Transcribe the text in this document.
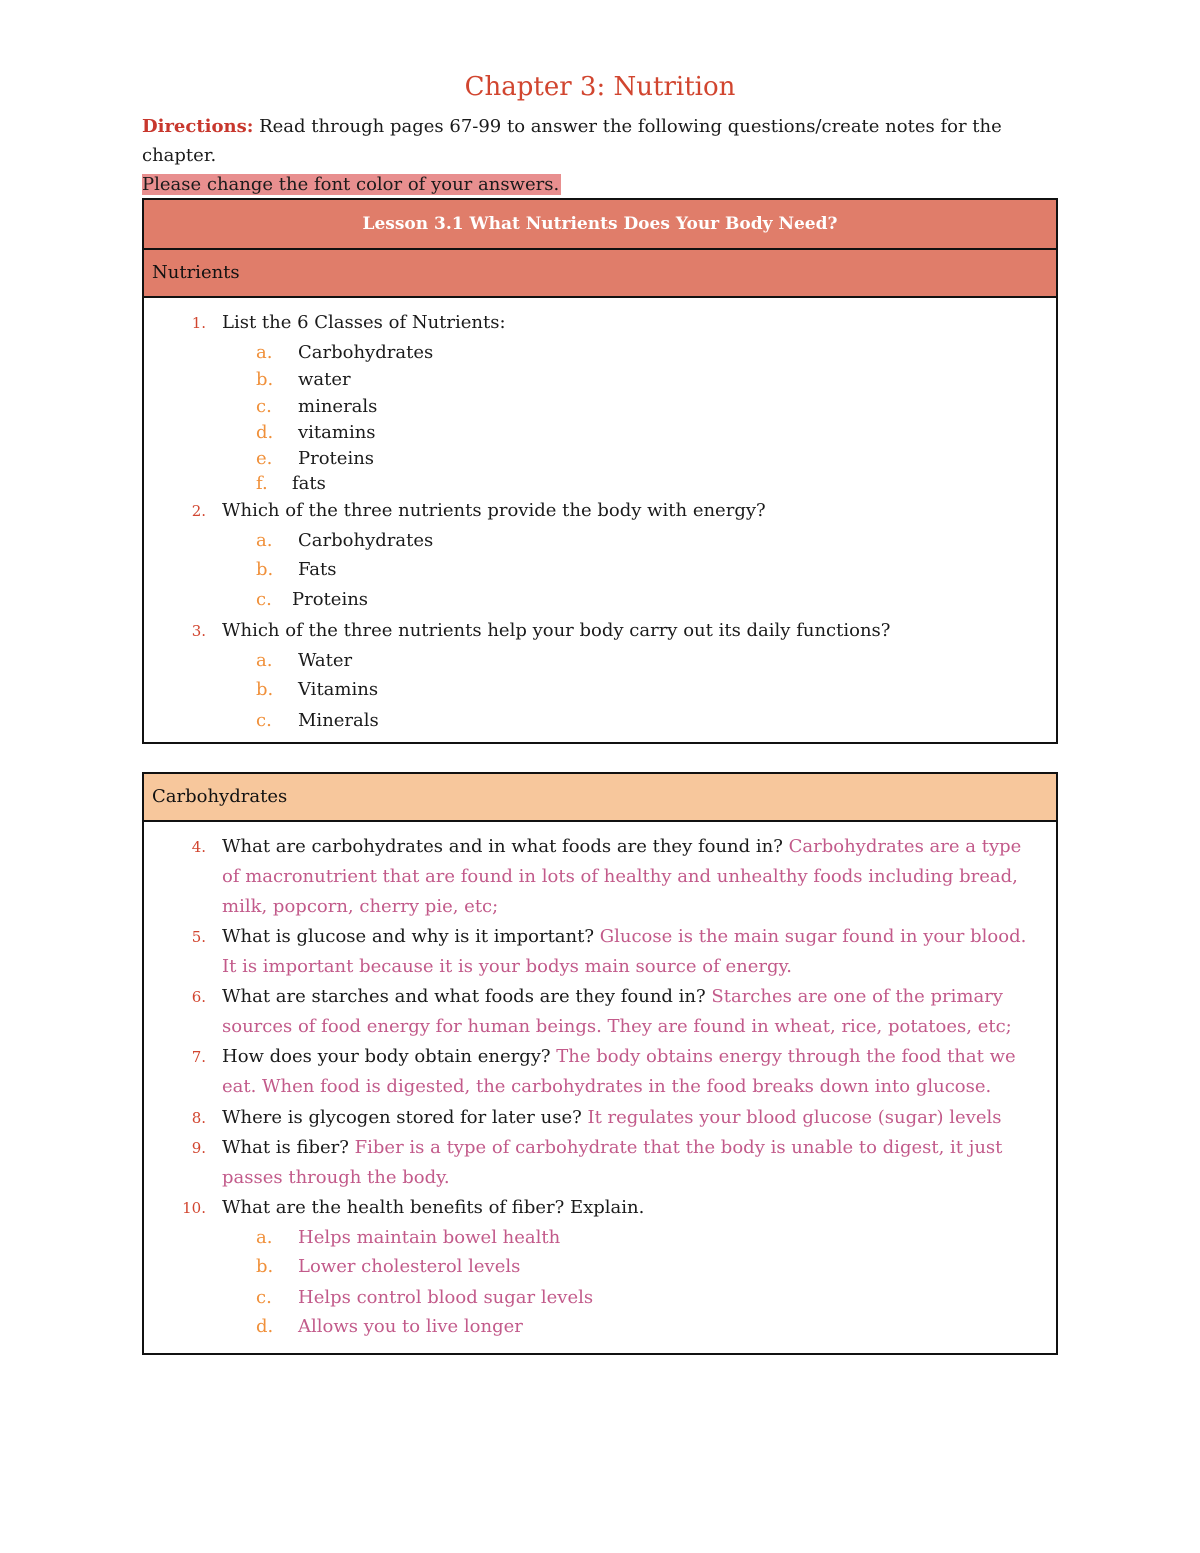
Chapter 3: Nutrition
Directions: Read through pages 67-99 to answer the following questions/create notes for the chapter.
Please change the font color of your answers.
Lesson 3.1 What Nutrients Does Your Body Need?
Nutrients
1. List the 6 Classes of Nutrients:
a.	Carbohydrates
b.	water
c.	minerals
d.	vitamins
e.	Proteins
f.	fats
2. Which of the three nutrients provide the body with energy?
a.	Carbohydrates
b.	Fats
c.	Proteins
3. Which of the three nutrients help your body carry out its daily functions?
a.	Water
b.	Vitamins
c.	Minerals
Carbohydrates
4. What are carbohydrates and in what foods are they found in? Carbohydrates are a type of macronutrient that are found in lots of healthy and unhealthy foods including bread, milk, popcorn, cherry pie, etc;
5. What is glucose and why is it important? Glucose is the main sugar found in your blood. It is important because it is your bodys main source of energy.
6. What are starches and what foods are they found in? Starches are one of the primary sources of food energy for human beings. They are found in wheat, rice, potatoes, etc;
7. How does your body obtain energy? The body obtains energy through the food that we eat. When food is digested, the carbohydrates in the food breaks down into glucose.
8. Where is glycogen stored for later use? It regulates your blood glucose (sugar) levels
9. What is fiber? Fiber is a type of carbohydrate that the body is unable to digest, it just passes through the body.
10. What are the health benefits of fiber? Explain.
a.	Helps maintain bowel health
b.	Lower cholesterol levels
c.	Helps control blood sugar levels
d.	Allows you to live longer
